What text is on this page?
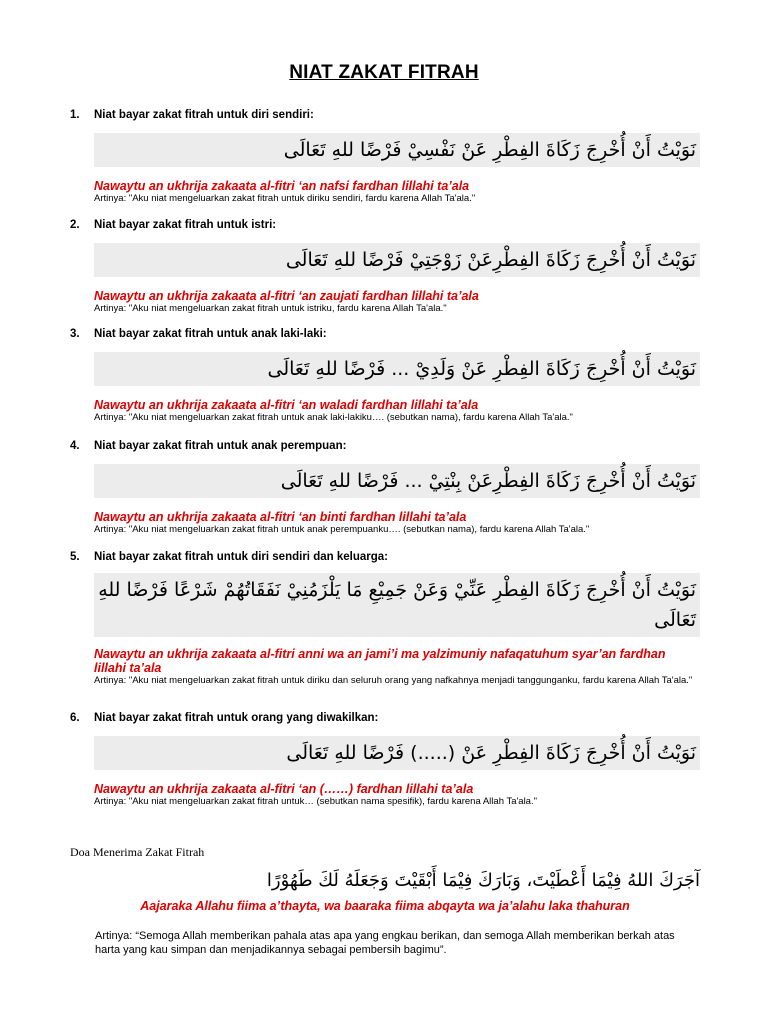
NIAT ZAKAT FITRAH
1.	Niat bayar zakat fitrah untuk diri sendiri:
نَوَيْتُ أَنْ أُخْرِجَ زَكَاةَ الفِطْرِ عَنْ نَفْسِيْ فَرْضًا للهِ تَعَالَى
Nawaytu an ukhrija zakaata al-fitri ‘an nafsi fardhan lillahi ta’ala
Artinya: "Aku niat mengeluarkan zakat fitrah untuk diriku sendiri, fardu karena Allah Ta'ala."
2.	Niat bayar zakat fitrah untuk istri:
نَوَيْتُ أَنْ أُخْرِجَ زَكَاةَ الفِطْرِعَنْ زَوْجَتِيْ فَرْضًا للهِ تَعَالَى
Nawaytu an ukhrija zakaata al-fitri ‘an zaujati fardhan lillahi ta’ala
Artinya: "Aku niat mengeluarkan zakat fitrah untuk istriku, fardu karena Allah Ta'ala."
3.	Niat bayar zakat fitrah untuk anak laki-laki:
نَوَيْتُ أَنْ أُخْرِجَ زَكَاةَ الفِطْرِ عَنْ وَلَدِيْ ... فَرْضًا للهِ تَعَالَى
Nawaytu an ukhrija zakaata al-fitri ‘an waladi fardhan lillahi ta’ala
Artinya: "Aku niat mengeluarkan zakat fitrah untuk anak laki-lakiku…. (sebutkan nama), fardu karena Allah Ta'ala."
4.	Niat bayar zakat fitrah untuk anak perempuan:
نَوَيْتُ أَنْ أُخْرِجَ زَكَاةَ الفِطْرِعَنْ بِنْتِيْ ... فَرْضًا للهِ تَعَالَى
Nawaytu an ukhrija zakaata al-fitri ‘an binti fardhan lillahi ta’ala
Artinya: "Aku niat mengeluarkan zakat fitrah untuk anak perempuanku…. (sebutkan nama), fardu karena Allah Ta'ala."
5.	Niat bayar zakat fitrah untuk diri sendiri dan keluarga:
نَوَيْتُ أَنْ أُخْرِجَ زَكَاةَ الفِطْرِ عَنِّيْ وَعَنْ جَمِيْعِ مَا يَلْزَمُنِيْ نَفَقَاتُهُمْ شَرْعًا فَرْضًا للهِ تَعَالَى
Nawaytu an ukhrija zakaata al-fitri anni wa an jami’i ma yalzimuniy nafaqatuhum syar’an fardhan lillahi ta’ala
Artinya: "Aku niat mengeluarkan zakat fitrah untuk diriku dan seluruh orang yang nafkahnya menjadi tanggunganku, fardu karena Allah Ta'ala."
6.	Niat bayar zakat fitrah untuk orang yang diwakilkan:
نَوَيْتُ أَنْ أُخْرِجَ زَكَاةَ الفِطْرِ عَنْ (.....) فَرْضًا للهِ تَعَالَى
Nawaytu an ukhrija zakaata al-fitri ‘an (……) fardhan lillahi ta’ala
Artinya: "Aku niat mengeluarkan zakat fitrah untuk… (sebutkan nama spesifik), fardu karena Allah Ta'ala."
Doa Menerima Zakat Fitrah
آجَرَكَ اللهُ فِيْمَا أَعْطَيْتَ، وَبَارَكَ فِيْمَا أَبْقَيْتَ وَجَعَلَهُ لَكَ طَهُوْرًا
Aajaraka Allahu fiima a’thayta, wa baaraka fiima abqayta wa ja’alahu laka thahuran
Artinya: “Semoga Allah memberikan pahala atas apa yang engkau berikan, dan semoga Allah memberikan berkah atas harta yang kau simpan dan menjadikannya sebagai pembersih bagimu”.
